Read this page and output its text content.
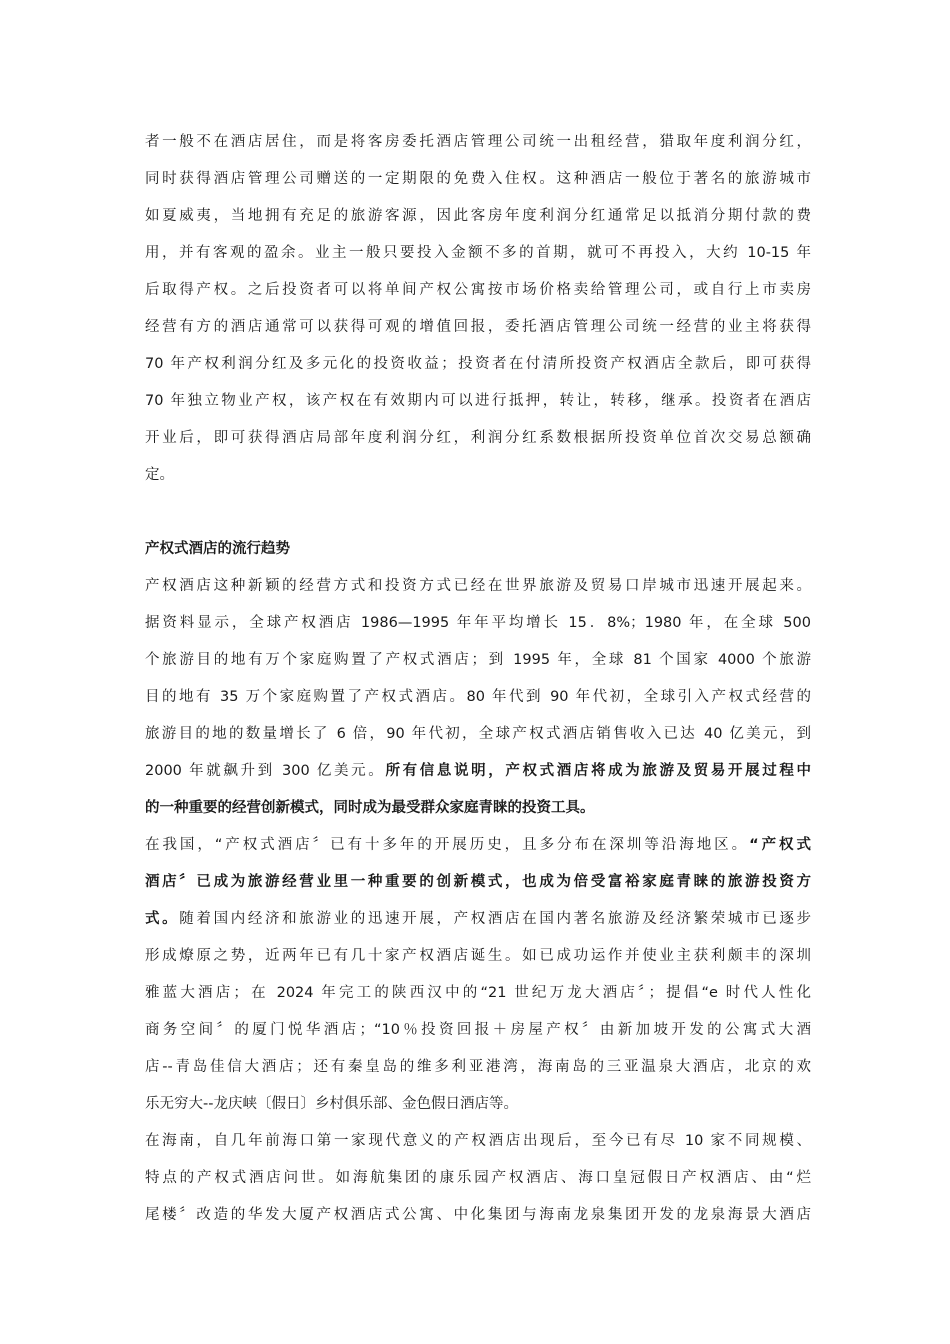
者一般不在酒店居住，而是将客房委托酒店管理公司统一出租经营，猎取年度利润分红，
同时获得酒店管理公司赠送的一定期限的免费入住权。这种酒店一般位于著名的旅游城市
如夏威夷，当地拥有充足的旅游客源，因此客房年度利润分红通常足以抵消分期付款的费
用，并有客观的盈余。业主一般只要投入金额不多的首期，就可不再投入，大约 10-15 年
后取得产权。之后投资者可以将单间产权公寓按市场价格卖给管理公司，或自行上市卖房
经营有方的酒店通常可以获得可观的增值回报，委托酒店管理公司统一经营的业主将获得
70 年产权利润分红及多元化的投资收益；投资者在付清所投资产权酒店全款后，即可获得
70 年独立物业产权，该产权在有效期内可以进行抵押，转让，转移，继承。投资者在酒店
开业后，即可获得酒店局部年度利润分红，利润分红系数根据所投资单位首次交易总额确
定。
产权式酒店的流行趋势
产权酒店这种新颖的经营方式和投资方式已经在世界旅游及贸易口岸城市迅速开展起来。
据资料显示，全球产权酒店 1986—1995 年年平均增长 15．8%；1980 年，在全球 500
个旅游目的地有万个家庭购置了产权式酒店；到 1995 年，全球 81 个国家 4000 个旅游
目的地有 35 万个家庭购置了产权式酒店。80 年代到 90 年代初，全球引入产权式经营的
旅游目的地的数量增长了 6 倍，90 年代初，全球产权式酒店销售收入已达 40 亿美元，到
2000 年就飙升到 300 亿美元。所有信息说明，产权式酒店将成为旅游及贸易开展过程中
的一种重要的经营创新模式，同时成为最受群众家庭青睐的投资工具。
在我国，“产权式酒店〞已有十多年的开展历史，且多分布在深圳等沿海地区。“产权式
酒店〞已成为旅游经营业里一种重要的创新模式，也成为倍受富裕家庭青睐的旅游投资方
式。随着国内经济和旅游业的迅速开展，产权酒店在国内著名旅游及经济繁荣城市已逐步
形成燎原之势，近两年已有几十家产权酒店诞生。如已成功运作并使业主获利颇丰的深圳
雅蓝大酒店；在 2024 年完工的陕西汉中的“21 世纪万龙大酒店〞；提倡“e 时代人性化
商务空间〞的厦门悦华酒店；“10％投资回报＋房屋产权〞由新加坡开发的公寓式大酒
店--青岛佳信大酒店；还有秦皇岛的维多利亚港湾，海南岛的三亚温泉大酒店，北京的欢
乐无穷大--龙庆峡〔假日〕乡村俱乐部、金色假日酒店等。
在海南，自几年前海口第一家现代意义的产权酒店出现后，至今已有尽 10 家不同规模、
特点的产权式酒店问世。如海航集团的康乐园产权酒店、海口皇冠假日产权酒店、由“烂
尾楼〞改造的华发大厦产权酒店式公寓、中化集团与海南龙泉集团开发的龙泉海景大酒店
